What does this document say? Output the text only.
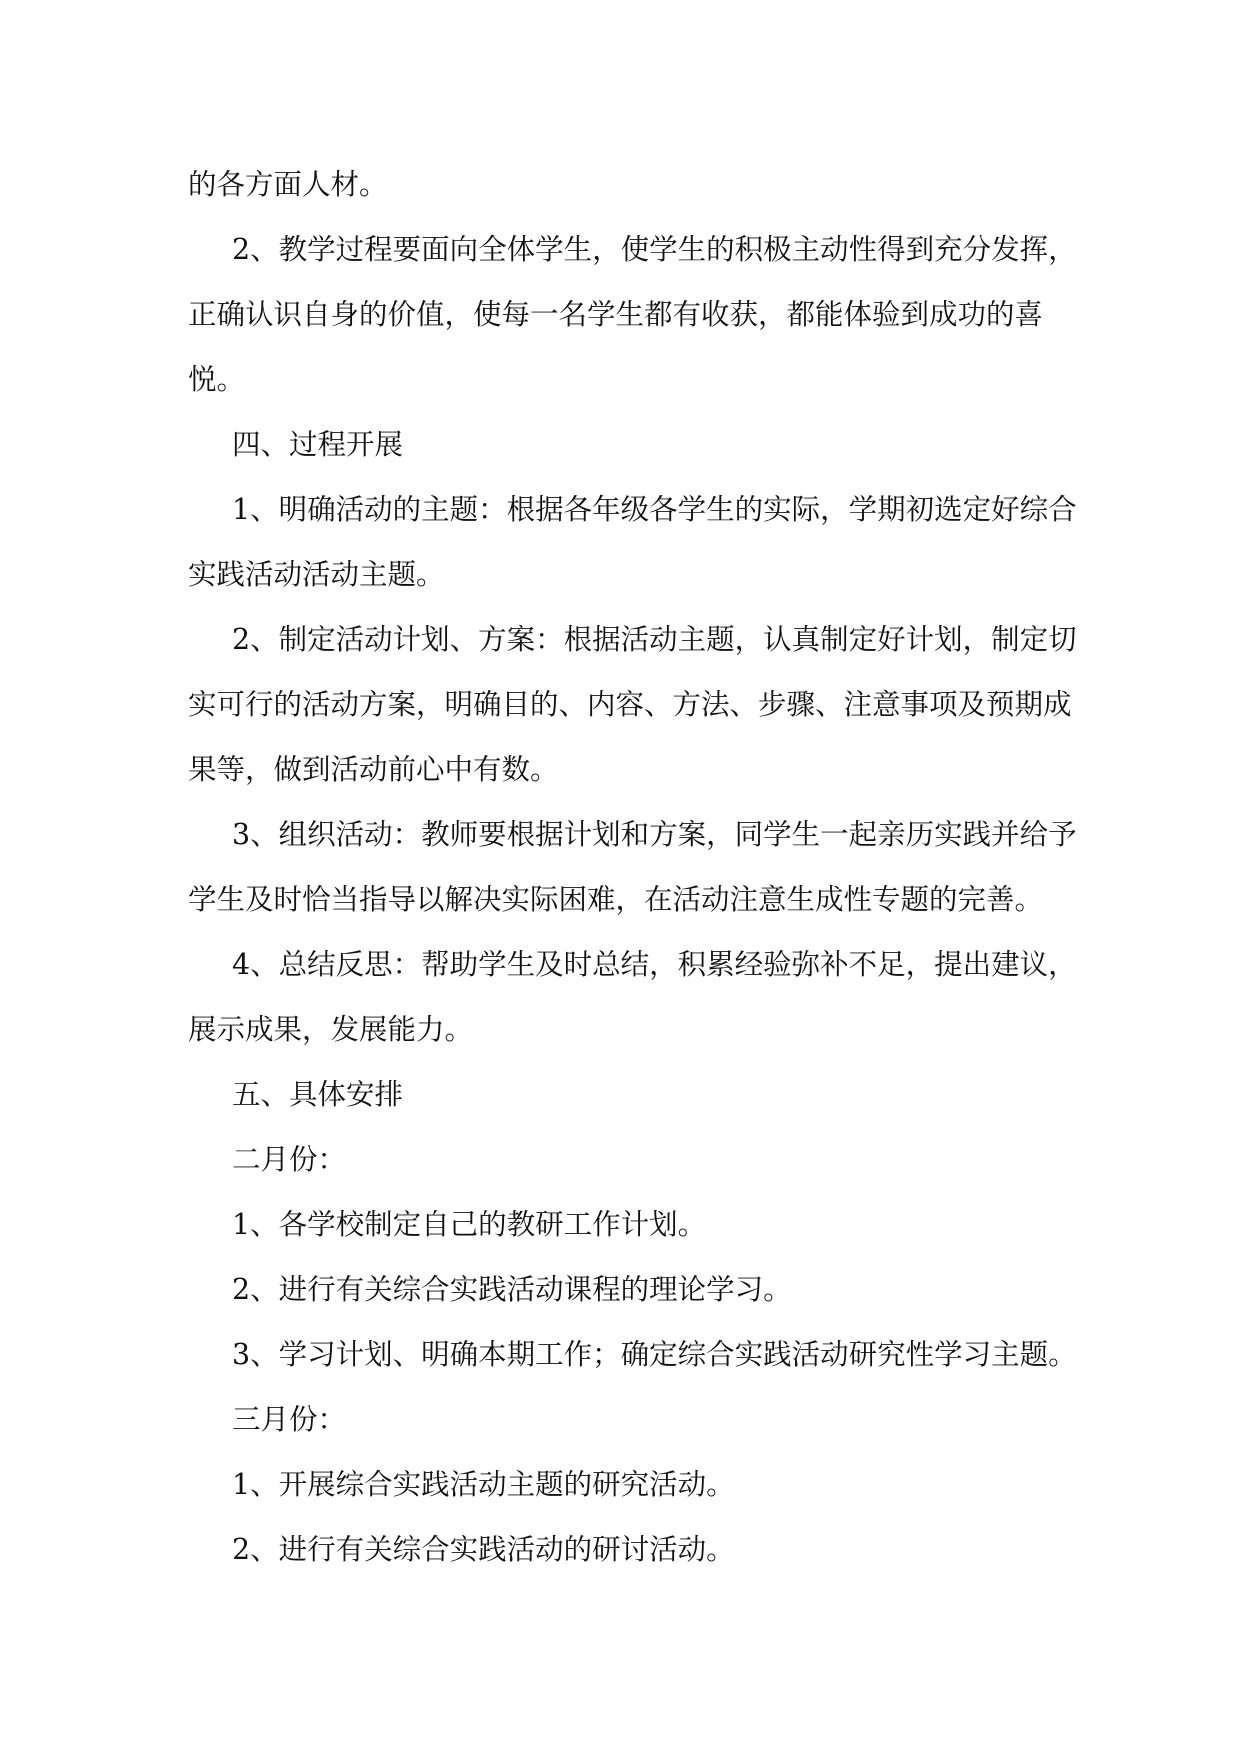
的各方面人材。

2、教学过程要面向全体学生，使学生的积极主动性得到充分发挥，正确认识自身的价值，使每一名学生都有收获，都能体验到成功的喜悦。

四、过程开展

1、明确活动的主题：根据各年级各学生的实际，学期初选定好综合实践活动活动主题。

2、制定活动计划、方案：根据活动主题，认真制定好计划，制定切实可行的活动方案，明确目的、内容、方法、步骤、注意事项及预期成果等，做到活动前心中有数。

3、组织活动：教师要根据计划和方案，同学生一起亲历实践并给予学生及时恰当指导以解决实际困难，在活动注意生成性专题的完善。

4、总结反思：帮助学生及时总结，积累经验弥补不足，提出建议，展示成果，发展能力。

五、具体安排

二月份：

1、各学校制定自己的教研工作计划。

2、进行有关综合实践活动课程的理论学习。

3、学习计划、明确本期工作；确定综合实践活动研究性学习主题。

三月份：

1、开展综合实践活动主题的研究活动。

2、进行有关综合实践活动的研讨活动。
